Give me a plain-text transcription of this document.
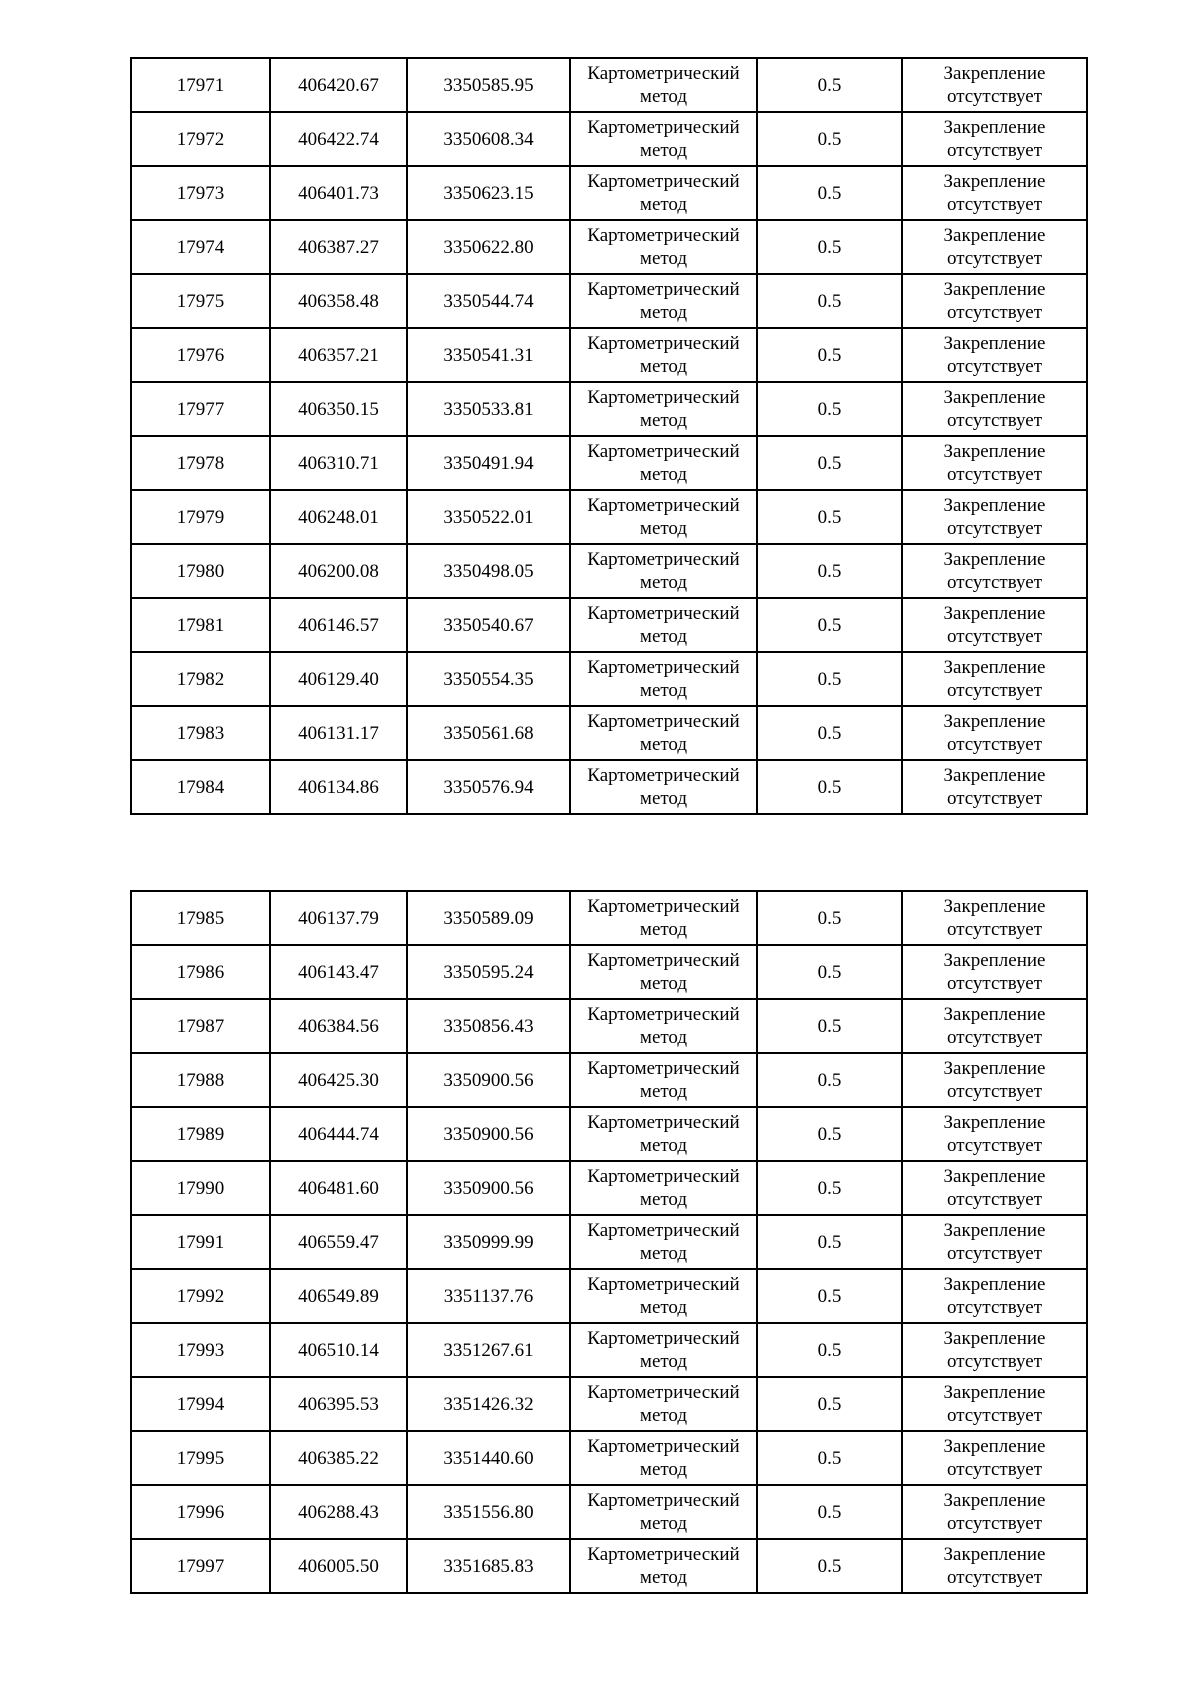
17971	406420.67	3350585.95	Картометрический метод	0.5	Закрепление отсутствует
17972	406422.74	3350608.34	Картометрический метод	0.5	Закрепление отсутствует
17973	406401.73	3350623.15	Картометрический метод	0.5	Закрепление отсутствует
17974	406387.27	3350622.80	Картометрический метод	0.5	Закрепление отсутствует
17975	406358.48	3350544.74	Картометрический метод	0.5	Закрепление отсутствует
17976	406357.21	3350541.31	Картометрический метод	0.5	Закрепление отсутствует
17977	406350.15	3350533.81	Картометрический метод	0.5	Закрепление отсутствует
17978	406310.71	3350491.94	Картометрический метод	0.5	Закрепление отсутствует
17979	406248.01	3350522.01	Картометрический метод	0.5	Закрепление отсутствует
17980	406200.08	3350498.05	Картометрический метод	0.5	Закрепление отсутствует
17981	406146.57	3350540.67	Картометрический метод	0.5	Закрепление отсутствует
17982	406129.40	3350554.35	Картометрический метод	0.5	Закрепление отсутствует
17983	406131.17	3350561.68	Картометрический метод	0.5	Закрепление отсутствует
17984	406134.86	3350576.94	Картометрический метод	0.5	Закрепление отсутствует
17985	406137.79	3350589.09	Картометрический метод	0.5	Закрепление отсутствует
17986	406143.47	3350595.24	Картометрический метод	0.5	Закрепление отсутствует
17987	406384.56	3350856.43	Картометрический метод	0.5	Закрепление отсутствует
17988	406425.30	3350900.56	Картометрический метод	0.5	Закрепление отсутствует
17989	406444.74	3350900.56	Картометрический метод	0.5	Закрепление отсутствует
17990	406481.60	3350900.56	Картометрический метод	0.5	Закрепление отсутствует
17991	406559.47	3350999.99	Картометрический метод	0.5	Закрепление отсутствует
17992	406549.89	3351137.76	Картометрический метод	0.5	Закрепление отсутствует
17993	406510.14	3351267.61	Картометрический метод	0.5	Закрепление отсутствует
17994	406395.53	3351426.32	Картометрический метод	0.5	Закрепление отсутствует
17995	406385.22	3351440.60	Картометрический метод	0.5	Закрепление отсутствует
17996	406288.43	3351556.80	Картометрический метод	0.5	Закрепление отсутствует
17997	406005.50	3351685.83	Картометрический метод	0.5	Закрепление отсутствует
